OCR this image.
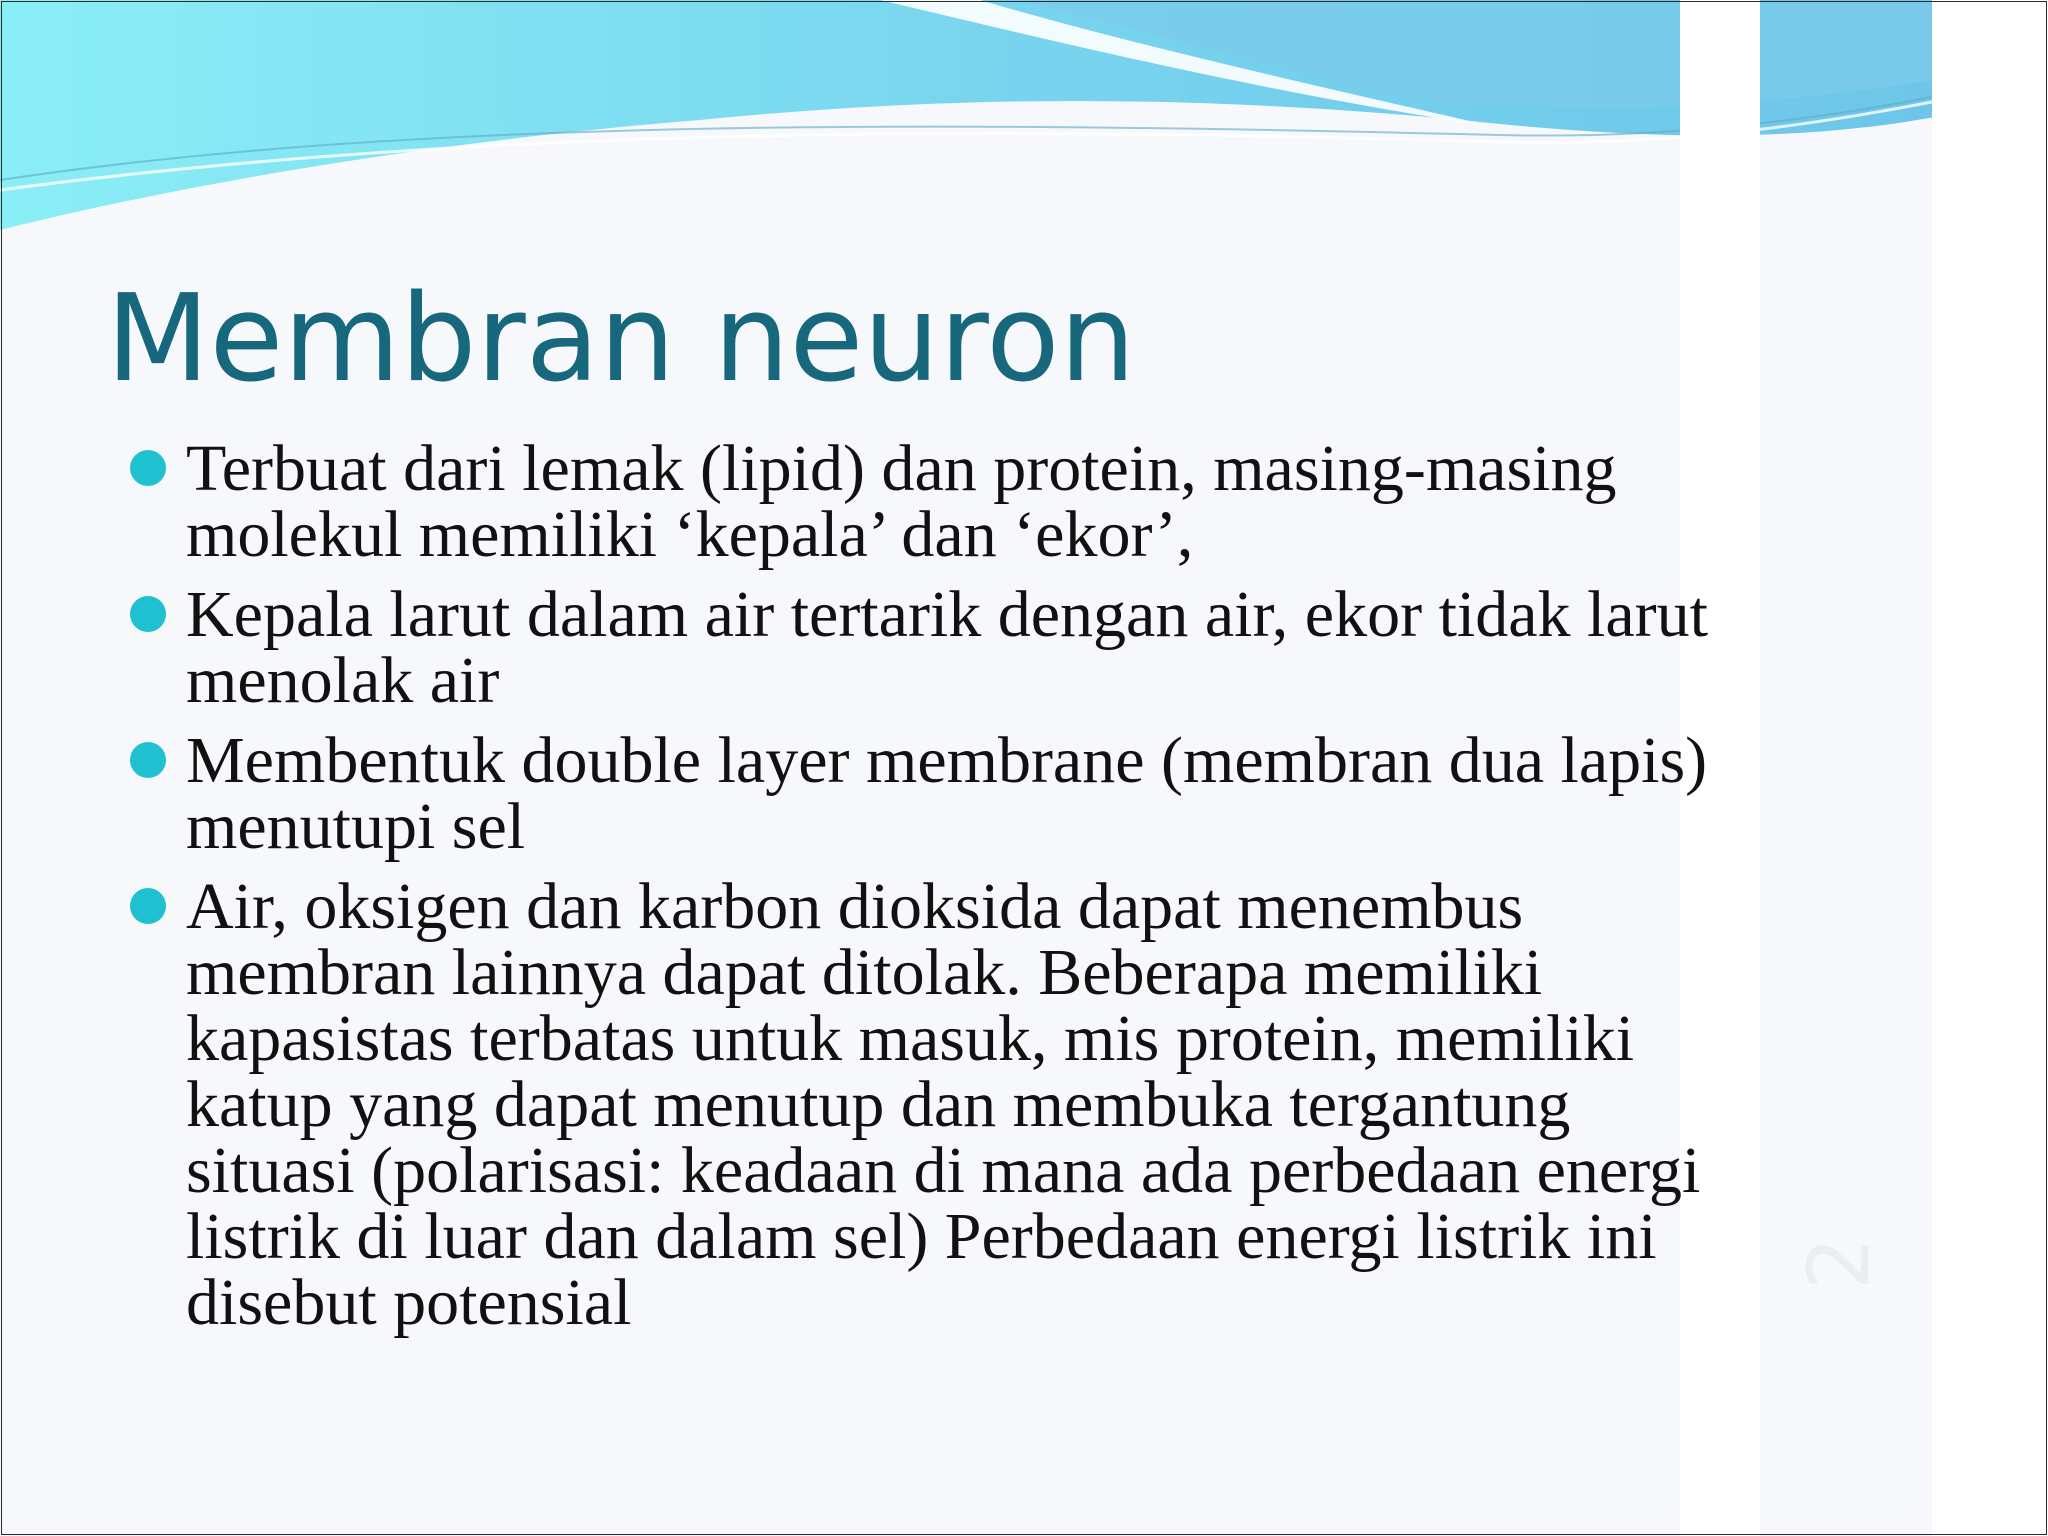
Membran neuron
Terbuat dari lemak (lipid) dan protein, masing-masing
molekul memiliki ‘kepala’ dan ‘ekor’,
Kepala larut dalam air tertarik dengan air, ekor tidak larut
menolak air
Membentuk double layer membrane (membran dua lapis)
menutupi sel
Air, oksigen dan karbon dioksida dapat menembus
membran lainnya dapat ditolak. Beberapa memiliki
kapasistas terbatas untuk masuk, mis protein, memiliki
katup yang dapat menutup dan membuka tergantung
situasi (polarisasi: keadaan di mana ada perbedaan energi
listrik di luar dan dalam sel) Perbedaan energi listrik ini
disebut potensial
2
